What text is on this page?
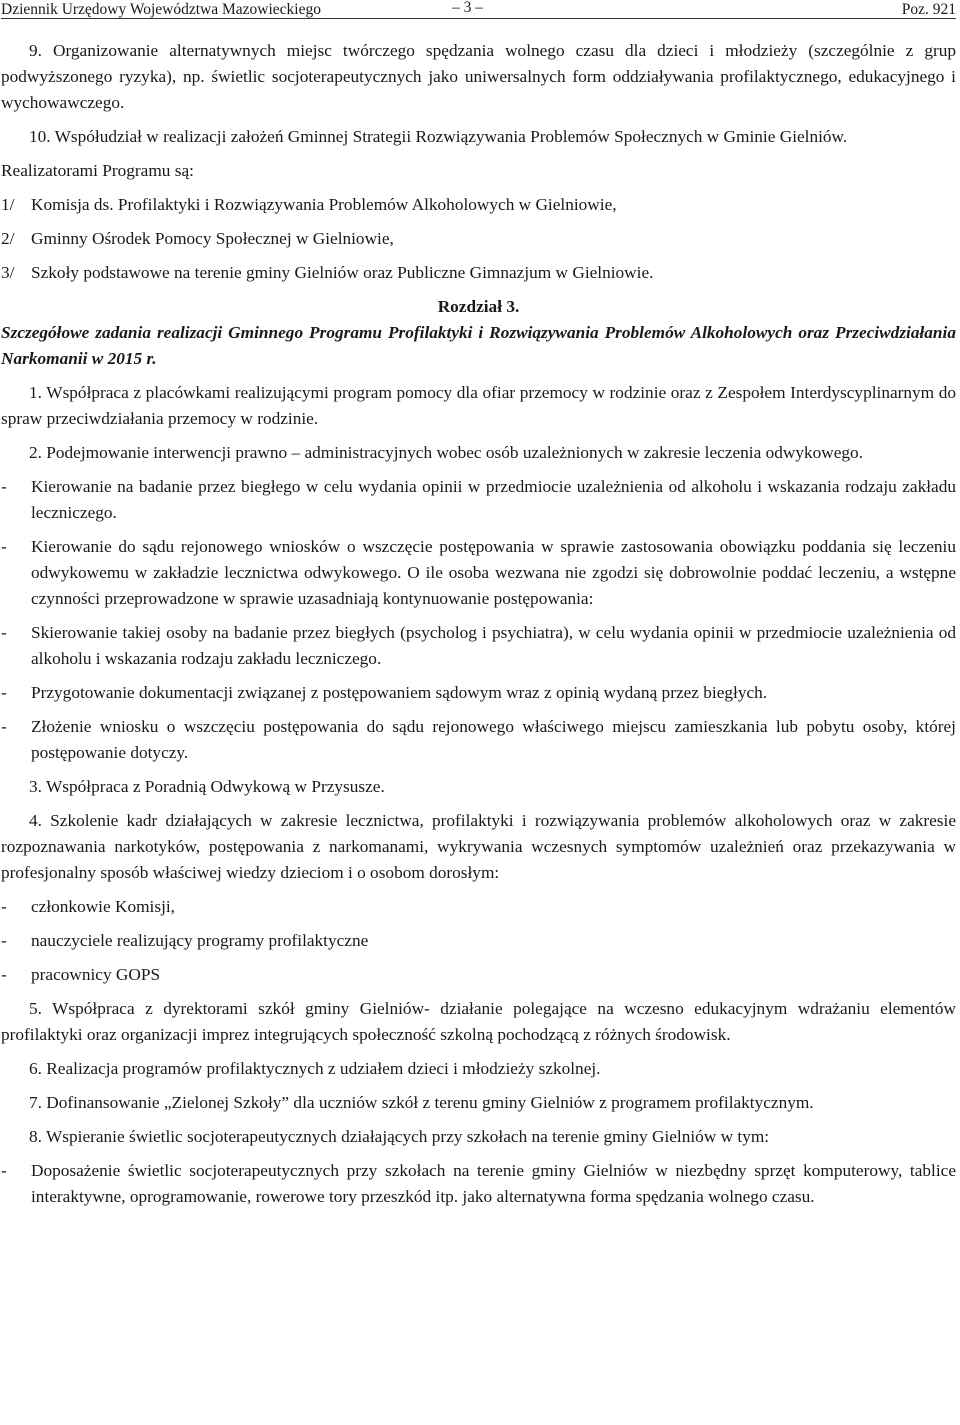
Dziennik Urzędowy Województwa Mazowieckiego	– 3 –	Poz. 921

9. Organizowanie alternatywnych miejsc twórczego spędzania wolnego czasu dla dzieci i młodzieży (szczególnie z grup podwyższonego ryzyka), np. świetlic socjoterapeutycznych jako uniwersalnych form oddziaływania profilaktycznego, edukacyjnego i wychowawczego.

10. Współudział w realizacji założeń Gminnej Strategii Rozwiązywania Problemów Społecznych w Gminie Gielniów.

Realizatorami Programu są:

1/ Komisja ds. Profilaktyki i Rozwiązywania Problemów Alkoholowych w Gielniowie,
2/ Gminny Ośrodek Pomocy Społecznej w Gielniowie,
3/ Szkoły podstawowe na terenie gminy Gielniów oraz Publiczne Gimnazjum w Gielniowie.

Rozdział 3.

Szczegółowe zadania realizacji Gminnego Programu Profilaktyki i Rozwiązywania Problemów Alkoholowych oraz Przeciwdziałania Narkomanii w 2015 r.

1. Współpraca z placówkami realizującymi program pomocy dla ofiar przemocy w rodzinie oraz z Zespołem Interdyscyplinarnym do spraw przeciwdziałania przemocy w rodzinie.

2. Podejmowanie interwencji prawno – administracyjnych wobec osób uzależnionych w zakresie leczenia odwykowego.

-	Kierowanie na badanie przez biegłego w celu wydania opinii w przedmiocie uzależnienia od alkoholu i wskazania rodzaju zakładu leczniczego.
-	Kierowanie do sądu rejonowego wniosków o wszczęcie postępowania w sprawie zastosowania obowiązku poddania się leczeniu odwykowemu w zakładzie lecznictwa odwykowego. O ile osoba wezwana nie zgodzi się dobrowolnie poddać leczeniu, a wstępne czynności przeprowadzone w sprawie uzasadniają kontynuowanie postępowania:
-	Skierowanie takiej osoby na badanie przez biegłych (psycholog i psychiatra), w celu wydania opinii w przedmiocie uzależnienia od alkoholu i wskazania rodzaju zakładu leczniczego.
-	Przygotowanie dokumentacji związanej z postępowaniem sądowym wraz z opinią wydaną przez biegłych.
-	Złożenie wniosku o wszczęciu postępowania do sądu rejonowego właściwego miejscu zamieszkania lub pobytu osoby, której postępowanie dotyczy.

3. Współpraca z Poradnią Odwykową w Przysusze.

4. Szkolenie kadr działających w zakresie lecznictwa, profilaktyki i rozwiązywania problemów alkoholowych oraz w zakresie rozpoznawania narkotyków, postępowania z narkomanami, wykrywania wczesnych symptomów uzależnień oraz przekazywania w profesjonalny sposób właściwej wiedzy dzieciom i o osobom dorosłym:

-	członkowie Komisji,
-	nauczyciele realizujący programy profilaktyczne
-	pracownicy GOPS

5. Współpraca z dyrektorami szkół gminy Gielniów- działanie polegające na wczesno edukacyjnym wdrażaniu elementów profilaktyki oraz organizacji imprez integrujących społeczność szkolną pochodzącą z różnych środowisk.

6. Realizacja programów profilaktycznych z udziałem dzieci i młodzieży szkolnej.

7. Dofinansowanie „Zielonej Szkoły” dla uczniów szkół z terenu gminy Gielniów z programem profilaktycznym.

8. Wspieranie świetlic socjoterapeutycznych działających przy szkołach na terenie gminy Gielniów w tym:

-	Doposażenie świetlic socjoterapeutycznych przy szkołach na terenie gminy Gielniów w niezbędny sprzęt komputerowy, tablice interaktywne, oprogramowanie, rowerowe tory przeszkód itp. jako alternatywna forma spędzania wolnego czasu.
